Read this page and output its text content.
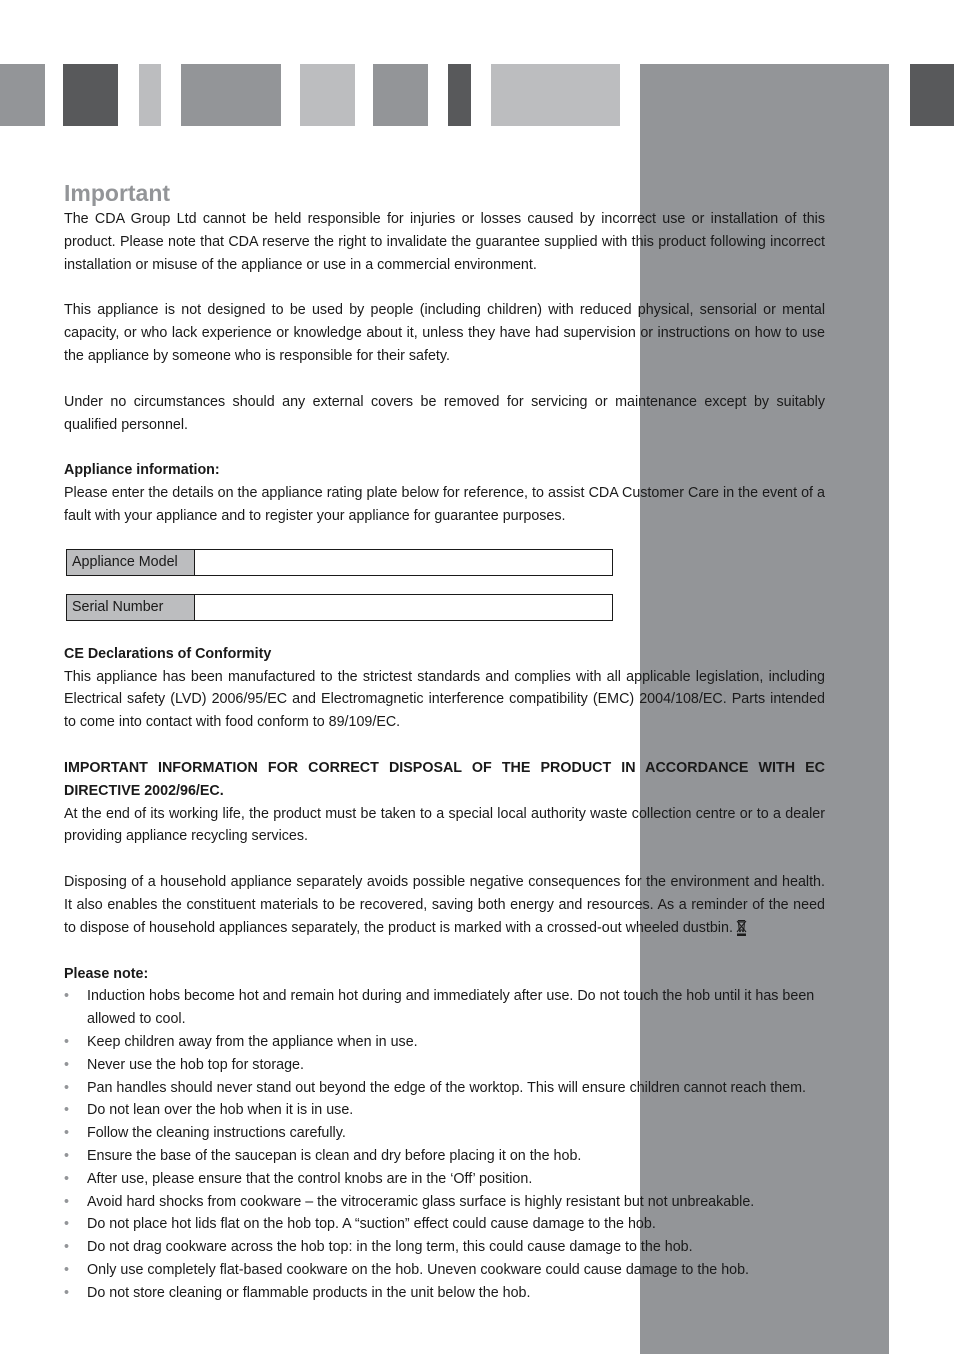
Important

The CDA Group Ltd cannot be held responsible for injuries or losses caused by incorrect use or installation of this product. Please note that CDA reserve the right to invalidate the guarantee supplied with this product following incorrect installation or misuse of the appliance or use in a commercial environment.

This appliance is not designed to be used by people (including children) with reduced physical, sensorial or mental capacity, or who lack experience or knowledge about it, unless they have had supervision or instructions on how to use the appliance by someone who is responsible for their safety.

Under no circumstances should any external covers be removed for servicing or maintenance except by suitably qualified personnel.

Appliance information:

Please enter the details on the appliance rating plate below for reference, to assist CDA Customer Care in the event of a fault with your appliance and to register your appliance for guarantee purposes.

Appliance Model
Serial Number

CE Declarations of Conformity

This appliance has been manufactured to the strictest standards and complies with all applicable legislation, including Electrical safety (LVD) 2006/95/EC and Electromagnetic interference compatibility (EMC) 2004/108/EC. Parts intended to come into contact with food conform to 89/109/EC.

IMPORTANT INFORMATION FOR CORRECT DISPOSAL OF THE PRODUCT IN ACCORDANCE WITH EC DIRECTIVE 2002/96/EC.

At the end of its working life, the product must be taken to a special local authority waste collection centre or to a dealer providing appliance recycling services.

Disposing of a household appliance separately avoids possible negative consequences for the environment and health. It also enables the constituent materials to be recovered, saving both energy and resources. As a reminder of the need to dispose of household appliances separately, the product is marked with a crossed-out wheeled dustbin.

Please note:

• Induction hobs become hot and remain hot during and immediately after use. Do not touch the hob until it has been allowed to cool.
• Keep children away from the appliance when in use.
• Never use the hob top for storage.
• Pan handles should never stand out beyond the edge of the worktop. This will ensure children cannot reach them.
• Do not lean over the hob when it is in use.
• Follow the cleaning instructions carefully.
• Ensure the base of the saucepan is clean and dry before placing it on the hob.
• After use, please ensure that the control knobs are in the ‘Off’ position.
• Avoid hard shocks from cookware – the vitroceramic glass surface is highly resistant but not unbreakable.
• Do not place hot lids flat on the hob top. A “suction” effect could cause damage to the hob.
• Do not drag cookware across the hob top: in the long term, this could cause damage to the hob.
• Only use completely flat-based cookware on the hob. Uneven cookware could cause damage to the hob.
• Do not store cleaning or flammable products in the unit below the hob.
